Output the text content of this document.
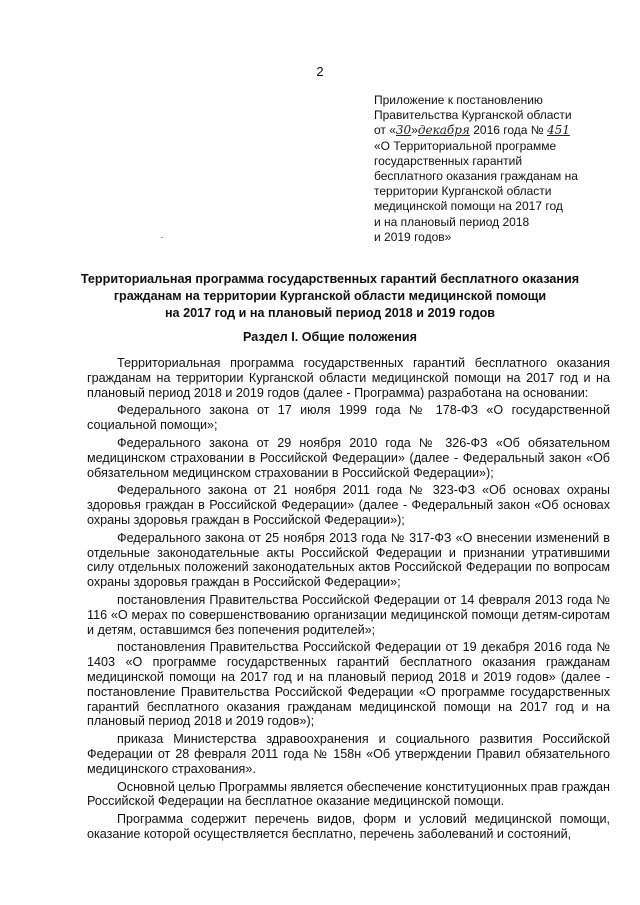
2
Приложение к постановлению
Правительства Курганской области
от «30»декабря 2016 года № 451
«О Территориальной программе
государственных гарантий
бесплатного оказания гражданам на
территории Курганской области
медицинской помощи на 2017 год
и на плановый период 2018
и 2019 годов»
Территориальная программа государственных гарантий бесплатного оказания
гражданам на территории Курганской области медицинской помощи
на 2017 год и на плановый период 2018 и 2019 годов
Раздел I. Общие положения

Территориальная программа государственных гарантий бесплатного оказания гражданам на территории Курганской области медицинской помощи на 2017 год и на плановый период 2018 и 2019 годов (далее - Программа) разработана на основании:

Федерального закона от 17 июля 1999 года № 178-ФЗ «О государственной социальной помощи»;

Федерального закона от 29 ноября 2010 года № 326-ФЗ «Об обязательном медицинском страховании в Российской Федерации» (далее - Федеральный закон «Об обязательном медицинском страховании в Российской Федерации»);

Федерального закона от 21 ноября 2011 года № 323-ФЗ «Об основах охраны здоровья граждан в Российской Федерации» (далее - Федеральный закон «Об основах охраны здоровья граждан в Российской Федерации»);

Федерального закона от 25 ноября 2013 года № 317-ФЗ «О внесении изменений в отдельные законодательные акты Российской Федерации и признании утратившими силу отдельных положений законодательных актов Российской Федерации по вопросам охраны здоровья граждан в Российской Федерации»;

постановления Правительства Российской Федерации от 14 февраля 2013 года № 116 «О мерах по совершенствованию организации медицинской помощи детям-сиротам и детям, оставшимся без попечения родителей»;

постановления Правительства Российской Федерации от 19 декабря 2016 года № 1403 «О программе государственных гарантий бесплатного оказания гражданам медицинской помощи на 2017 год и на плановый период 2018 и 2019 годов» (далее - постановление Правительства Российской Федерации «О программе государственных гарантий бесплатного оказания гражданам медицинской помощи на 2017 год и на плановый период 2018 и 2019 годов»);

приказа Министерства здравоохранения и социального развития Российской Федерации от 28 февраля 2011 года № 158н «Об утверждении Правил обязательного медицинского страхования».

Основной целью Программы является обеспечение конституционных прав граждан Российской Федерации на бесплатное оказание медицинской помощи.

Программа содержит перечень видов, форм и условий медицинской помощи, оказание которой осуществляется бесплатно, перечень заболеваний и состояний,
